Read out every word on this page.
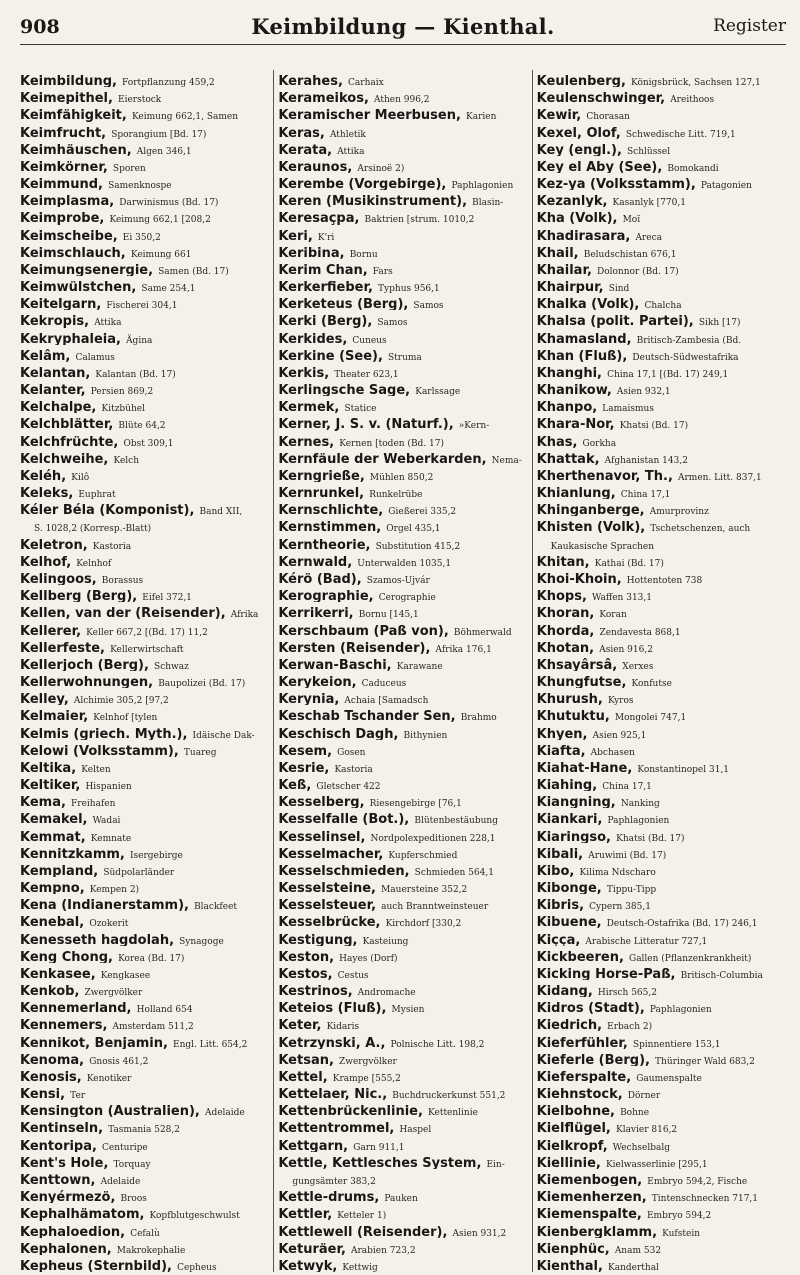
908	Keimbildung — Kienthal.	Register
Keimbildung, Fortpflanzung 459,2
Keimepithel, Eierstock
Keimfähigkeit, Keimung 662,1, Samen
Keimfrucht, Sporangium [Bd. 17)
Keimhäuschen, Algen 346,1
Keimkörner, Sporen
Keimmund, Samenknospe
Keimplasma, Darwinismus (Bd. 17)
Keimprobe, Keimung 662,1 [208,2
Keimscheibe, Ei 350,2
Keimschlauch, Keimung 661
Keimungsenergie, Samen (Bd. 17)
Keimwülstchen, Same 254,1
Keitelgarn, Fischerei 304,1
Kekropis, Attika
Kekryphaleia, Ägina
Kelâm, Calamus
Kelantan, Kalantan (Bd. 17)
Kelanter, Persien 869,2
Kelchalpe, Kitzbühel
Kelchblätter, Blüte 64,2
Kelchfrüchte, Obst 309,1
Kelchweihe, Kelch
Keléh, Kilô
Keleks, Euphrat
Kéler Béla (Komponist), Band XII,
S. 1028,2 (Korresp.-Blatt)
Keletron, Kastoria
Kelhof, Kelnhof
Kelingoos, Borassus
Kellberg (Berg), Eifel 372,1
Kellen, van der (Reisender), Afrika
Kellerer, Keller 667,2 [(Bd. 17) 11,2
Kellerfeste, Kellerwirtschaft
Kellerjoch (Berg), Schwaz
Kellerwohnungen, Baupolizei (Bd. 17)
Kelley, Alchimie 305,2 [97,2
Kelmaier, Kelnhof [tylen
Kelmis (griech. Myth.), Idäische Dak-
Kelowi (Volksstamm), Tuareg
Keltika, Kelten
Keltiker, Hispanien
Kema, Freihafen
Kemakel, Wadai
Kemmat, Kemnate
Kennitzkamm, Isergebirge
Kempland, Südpolarländer
Kempno, Kempen 2)
Kena (Indianerstamm), Blackfeet
Kenebal, Ozokerit
Kenesseth hagdolah, Synagoge
Keng Chong, Korea (Bd. 17)
Kenkasee, Kengkasee
Kenkob, Zwergvölker
Kennemerland, Holland 654
Kennemers, Amsterdam 511,2
Kennikot, Benjamin, Engl. Litt. 654,2
Kenoma, Gnosis 461,2
Kenosis, Kenotiker
Kensi, Ter
Kensington (Australien), Adelaide
Kentinseln, Tasmania 528,2
Kentoripa, Centuripe
Kent's Hole, Torquay
Kenttown, Adelaide
Kenyérmezö, Broos
Kephalhämatom, Kopfblutgeschwulst
Kephaloedion, Cefalù
Kephalonen, Makrokephalie
Kepheus (Sternbild), Cepheus
Kerahes, Carhaix
Kerameikos, Athen 996,2
Keramischer Meerbusen, Karien
Keras, Athletik
Kerata, Attika
Keraunos, Arsinoë 2)
Kerembe (Vorgebirge), Paphlagonien
Keren (Musikinstrument), Blasin-
Keresaçpa, Baktrien [strum. 1010,2
Keri, K'ri
Keribina, Bornu
Kerim Chan, Fars
Kerkerfieber, Typhus 956,1
Kerketeus (Berg), Samos
Kerki (Berg), Samos
Kerkides, Cuneus
Kerkine (See), Struma
Kerkis, Theater 623,1
Kerlingsche Sage, Karlssage
Kermek, Statice
Kerner, J. S. v. (Naturf.), »Kern-
Kernes, Kernen [toden (Bd. 17)
Kernfäule der Weberkarden, Nema-
Kerngrieße, Mühlen 850,2
Kernrunkel, Runkelrübe
Kernschlichte, Gießerei 335,2
Kernstimmen, Orgel 435,1
Kerntheorie, Substitution 415,2
Kernwald, Unterwalden 1035,1
Kérö (Bad), Szamos-Ujvár
Kerographie, Cerographie
Kerrikerri, Bornu [145,1
Kerschbaum (Paß von), Böhmerwald
Kersten (Reisender), Afrika 176,1
Kerwan-Baschi, Karawane
Kerykeion, Caduceus
Kerynia, Achaia [Samadsch
Keschab Tschander Sen, Brahmo
Keschisch Dagh, Bithynien
Kesem, Gosen
Kesrie, Kastoria
Keß, Gletscher 422
Kesselberg, Riesengebirge [76,1
Kesselfalle (Bot.), Blütenbestäubung
Kesselinsel, Nordpolexpeditionen 228,1
Kesselmacher, Kupferschmied
Kesselschmieden, Schmieden 564,1
Kesselsteine, Mauersteine 352,2
Kesselsteuer, auch Branntweinsteuer
Kesselbrücke, Kirchdorf [330,2
Kestigung, Kasteiung
Keston, Hayes (Dorf)
Kestos, Cestus
Kestrinos, Andromache
Keteios (Fluß), Mysien
Keter, Kidaris
Ketrzynski, A., Polnische Litt. 198,2
Ketsan, Zwergvölker
Kettel, Krampe [555,2
Kettelaer, Nic., Buchdruckerkunst 551,2
Kettenbrückenlinie, Kettenlinie
Kettentrommel, Haspel
Kettgarn, Garn 911,1
Kettle, Kettlesches System, Ein-
gungsämter 383,2
Kettle-drums, Pauken
Kettler, Ketteler 1)
Kettlewell (Reisender), Asien 931,2
Keturäer, Arabien 723,2
Ketwyk, Kettwig
Keulenberg, Königsbrück, Sachsen 127,1
Keulenschwinger, Areithoos
Kewir, Chorasan
Kexel, Olof, Schwedische Litt. 719,1
Key (engl.), Schlüssel
Key el Aby (See), Bomokandi
Kez-ya (Volksstamm), Patagonien
Kezanlyk, Kasanlyk [770,1
Kha (Volk), Moï
Khadirasara, Areca
Khail, Beludschistan 676,1
Khailar, Dolonnor (Bd. 17)
Khairpur, Sind
Khalka (Volk), Chalcha
Khalsa (polit. Partei), Sikh [17)
Khamasland, Britisch-Zambesia (Bd.
Khan (Fluß), Deutsch-Südwestafrika
Khanghi, China 17,1 [(Bd. 17) 249,1
Khanikow, Asien 932,1
Khanpo, Lamaismus
Khara-Nor, Khatsi (Bd. 17)
Khas, Gorkha
Khattak, Afghanistan 143,2
Kherthenavor, Th., Armen. Litt. 837,1
Khianlung, China 17,1
Khinganberge, Amurprovinz
Khisten (Volk), Tschetschenzen, auch
Kaukasische Sprachen
Khitan, Kathai (Bd. 17)
Khoi-Khoin, Hottentoten 738
Khops, Waffen 313,1
Khoran, Koran
Khorda, Zendavesta 868,1
Khotan, Asien 916,2
Khsayârsâ, Xerxes
Khungfutse, Konfutse
Khurush, Kyros
Khutuktu, Mongolei 747,1
Khyen, Asien 925,1
Kiafta, Abchasen
Kiahat-Hane, Konstantinopel 31,1
Kiahing, China 17,1
Kiangning, Nanking
Kiankari, Paphlagonien
Kiaringso, Khatsi (Bd. 17)
Kibali, Aruwimi (Bd. 17)
Kibo, Kilima Ndscharo
Kibonge, Tippu-Tipp
Kibris, Cypern 385,1
Kibuene, Deutsch-Ostafrika (Bd. 17) 246,1
Kiçça, Arabische Litteratur 727,1
Kickbeeren, Gallen (Pflanzenkrankheit)
Kicking Horse-Paß, Britisch-Columbia
Kidang, Hirsch 565,2
Kidros (Stadt), Paphlagonien
Kiedrich, Erbach 2)
Kieferfühler, Spinnentiere 153,1
Kieferle (Berg), Thüringer Wald 683,2
Kieferspalte, Gaumenspalte
Kiehnstock, Dörner
Kielbohne, Bohne
Kielflügel, Klavier 816,2
Kielkropf, Wechselbalg
Kiellinie, Kielwasserlinie [295,1
Kiemenbogen, Embryo 594,2, Fische
Kiemenherzen, Tintenschnecken 717,1
Kiemenspalte, Embryo 594,2
Kienbergklamm, Kufstein
Kienphüc, Anam 532
Kienthal, Kanderthal
